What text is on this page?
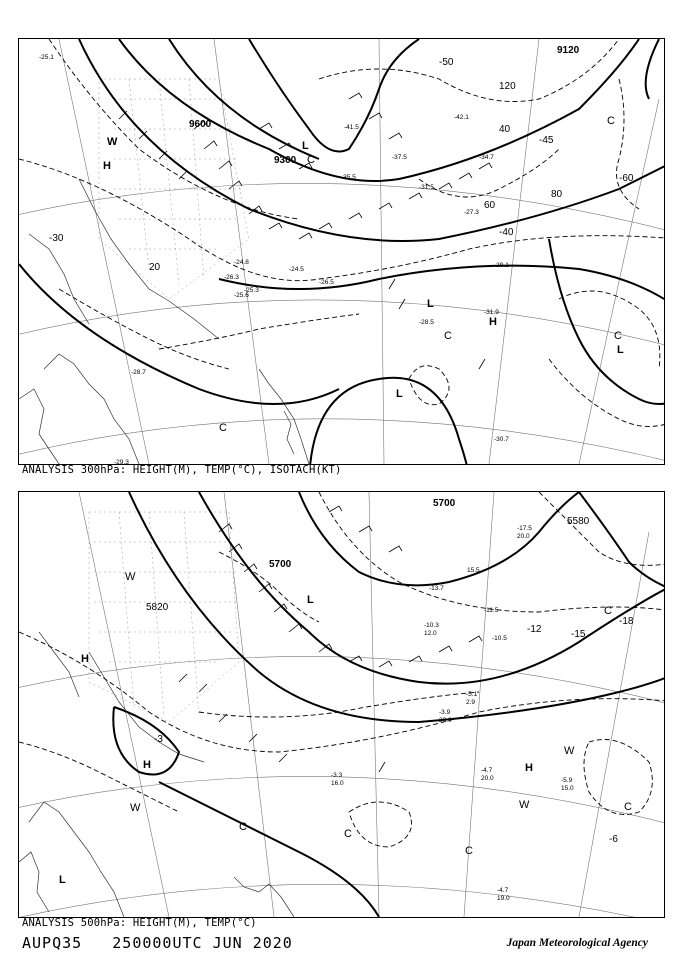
-29.3
-28.5
-28.7
-31.9
-30.7
-26.3
-25.1
-27.3
-34.7
-29.1
-25.3
-24.8
-41.5
-42.1
-35.5
-31.5
-37.5
-24.5
-26.5
-25.6
9600
9120
9300
-30
-40
-50
-45
-60
20
40
60
80
120
H
H
L
L
L
L
W
C
C	C
C
C
ANALYSIS 300hPa: HEIGHT(M), TEMP(°C), ISOTACH(KT)
-4.7
20.0
-3.3
16.0	-5.9
15.0
-4.7
19.0
-13.7
15.5
-11.5
-10.5
-10.3
12.0
-17.5
20.0
-3.9
20.0
-5.1
2.9
5700
5700
5820
5580
-3
-6
-12	-15
-18
H
H	H
L
L
W
W
W
W
C
C
C
C
C
ANALYSIS 500hPa: HEIGHT(M), TEMP(°C)
AUPQ35 250000UTC JUN 2020	Japan Meteorological Agency
